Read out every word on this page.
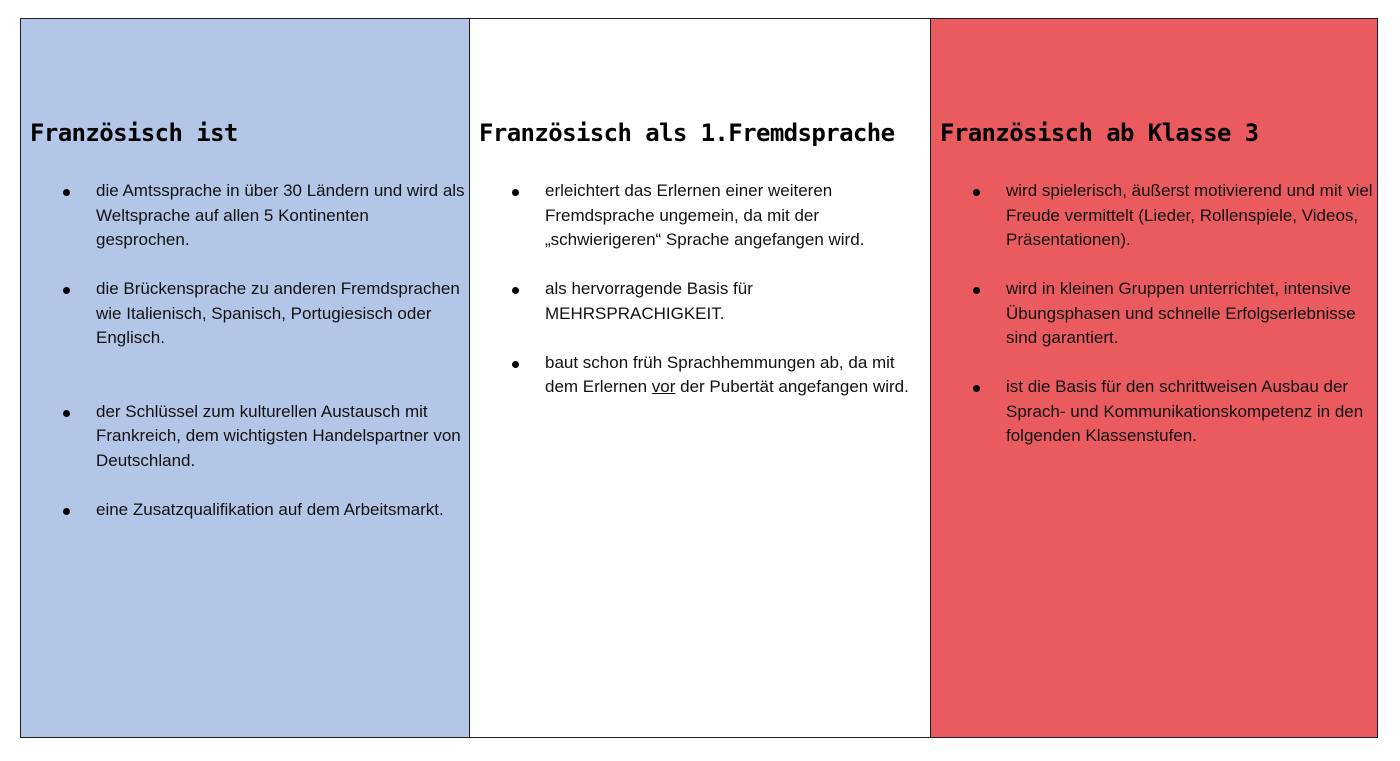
Französisch ist
die Amtssprache in über 30 Ländern und wird als Weltsprache auf allen 5 Kontinenten gesprochen.
die Brückensprache zu anderen Fremdsprachen wie Italienisch, Spanisch, Portugiesisch oder Englisch.
der Schlüssel zum kulturellen Austausch mit Frankreich, dem wichtigsten Handelspartner von Deutschland.
eine Zusatzqualifikation auf dem Arbeitsmarkt.
Französisch als 1.Fremdsprache
erleichtert das Erlernen einer weiteren Fremdsprache ungemein, da mit der „schwierigeren“ Sprache angefangen wird.
als hervorragende Basis für MEHRSPRACHIGKEIT.
baut schon früh Sprachhemmungen ab, da mit dem Erlernen vor der Pubertät angefangen wird.
Französisch ab Klasse 3
wird spielerisch, äußerst motivierend und mit viel Freude vermittelt (Lieder, Rollenspiele, Videos, Präsentationen).
wird in kleinen Gruppen unterrichtet, intensive Übungsphasen und schnelle Erfolgserlebnisse sind garantiert.
ist die Basis für den schrittweisen Ausbau der Sprach- und Kommunikationskompetenz in den folgenden Klassenstufen.
